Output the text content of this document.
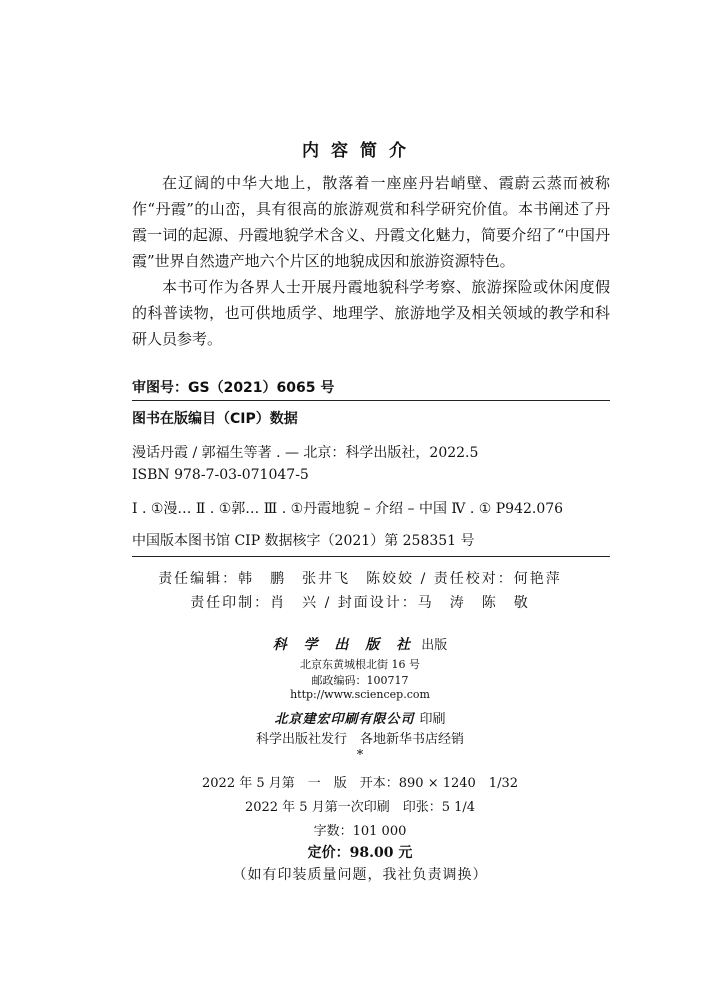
内容简介

在辽阔的中华大地上，散落着一座座丹岩峭壁、霞蔚云蒸而被称作“丹霞”的山峦，具有很高的旅游观赏和科学研究价值。本书阐述了丹霞一词的起源、丹霞地貌学术含义、丹霞文化魅力，简要介绍了“中国丹霞”世界自然遗产地六个片区的地貌成因和旅游资源特色。

本书可作为各界人士开展丹霞地貌科学考察、旅游探险或休闲度假的科普读物，也可供地质学、地理学、旅游地学及相关领域的教学和科研人员参考。

审图号：GS（2021）6065 号
图书在版编目（CIP）数据
漫话丹霞 / 郭福生等著 . — 北京：科学出版社，2022.5
ISBN 978-7-03-071047-5
Ⅰ . ①漫… Ⅱ . ①郭… Ⅲ . ①丹霞地貌 – 介绍 – 中国 Ⅳ . ① P942.076
中国版本图书馆 CIP 数据核字（2021）第 258351 号
责任编辑：韩　鹏　张井飞　陈姣姣 / 责任校对：何艳萍
责任印制：肖　兴 / 封面设计：马　涛　陈　敬
科 学 出 版 社 出版
北京东黄城根北街 16 号
邮政编码：100717
http://www.sciencep.com
北京建宏印刷有限公司 印刷
科学出版社发行　各地新华书店经销
*
2022 年 5 月第　一　版　开本：890 × 1240　1/32
2022 年 5 月第一次印刷　印张：5 1/4
字数：101 000
定价：98.00 元
（如有印装质量问题，我社负责调换）
